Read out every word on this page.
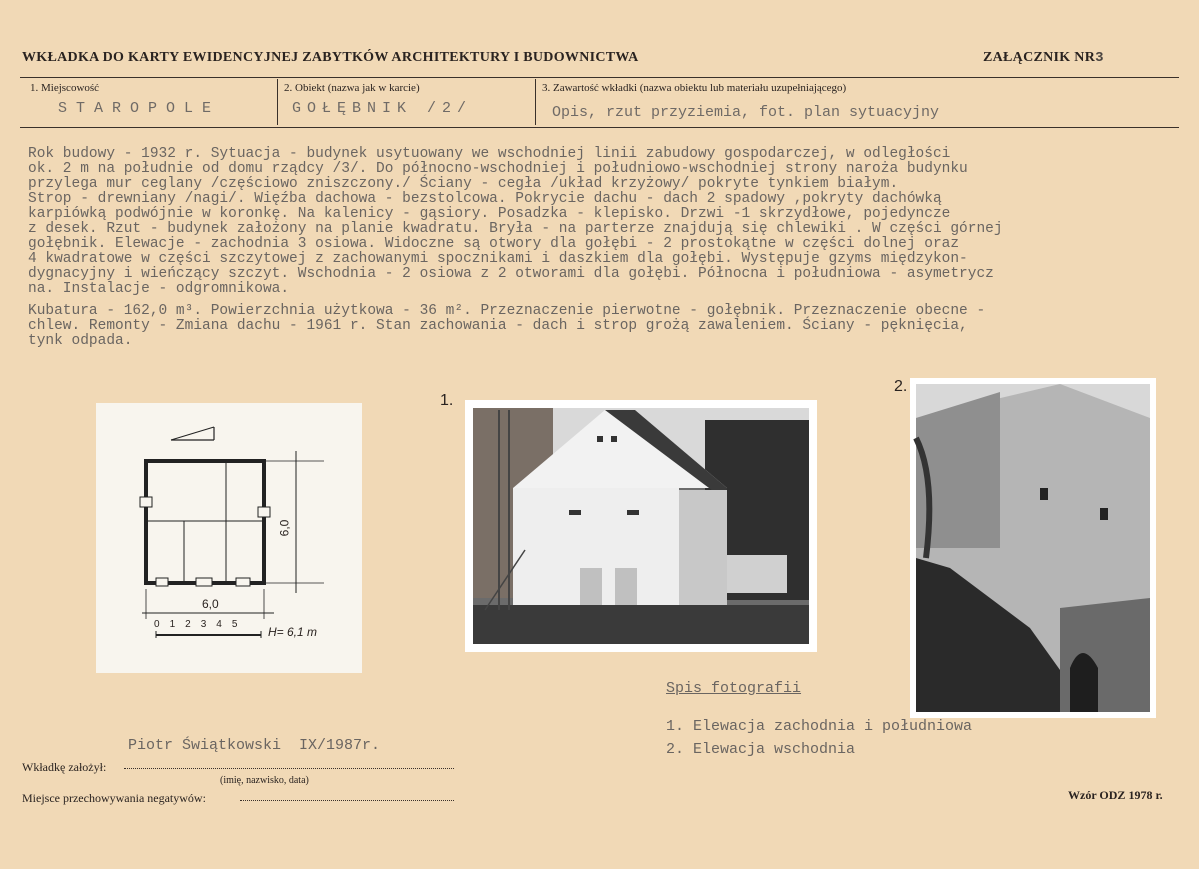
WKŁADKA DO KARTY EWIDENCYJNEJ ZABYTKÓW ARCHITEKTURY I BUDOWNICTWA	ZAŁĄCZNIK NR3
1. Miejscowość
STAROPOLE
2. Obiekt (nazwa jak w karcie)
GOŁĘBNIK /2/
3. Zawartość wkładki (nazwa obiektu lub materiału uzupełniającego)
Opis, rzut przyziemia, fot. plan sytuacyjny

Rok budowy - 1932 r. Sytuacja - budynek usytuowany we wschodniej linii zabudowy gospodarczej, w odległości

ok. 2 m na południe od domu rządcy /3/. Do północno-wschodniej i południowo-wschodniej strony naroża budynku

przylega mur ceglany /częściowo zniszczony./ Ściany - cegła /układ krzyżowy/ pokryte tynkiem białym.

Strop - drewniany /nagi/. Więźba dachowa - bezstolcowa. Pokrycie dachu - dach 2 spadowy ,pokryty dachówką

karpiówką podwójnie w koronkę. Na kalenicy - gąsiory. Posadzka - klepisko. Drzwi -1 skrzydłowe, pojedyncze

z desek. Rzut - budynek założony na planie kwadratu. Bryła - na parterze znajdują się chlewiki . W części górnej

gołębnik. Elewacje - zachodnia 3 osiowa. Widoczne są otwory dla gołębi - 2 prostokątne w części dolnej oraz

4 kwadratowe w części szczytowej z zachowanymi spocznikami i daszkiem dla gołębi. Występuje gzyms międzykon-

dygnacyjny i wieńczący szczyt. Wschodnia - 2 osiowa z 2 otworami dla gołębi. Północna i południowa - asymetrycz

na. Instalacje - odgromnikowa.

Kubatura - 162,0 m³. Powierzchnia użytkowa - 36 m². Przeznaczenie pierwotne - gołębnik. Przeznaczenie obecne -

chlew. Remonty - Zmiana dachu - 1961 r. Stan zachowania - dach i strop grożą zawaleniem. Ściany - pęknięcia,

tynk odpada.

6,0
6,0
0 1 2 3 4 5
H= 6,1 m
1.
2.
Spis fotografii
1. Elewacja zachodnia i południowa
2. Elewacja wschodnia
Piotr Świątkowski  IX/1987r.
Wkładkę założył:
(imię, nazwisko, data)
Miejsce przechowywania negatywów:	Wzór ODZ 1978 r.
